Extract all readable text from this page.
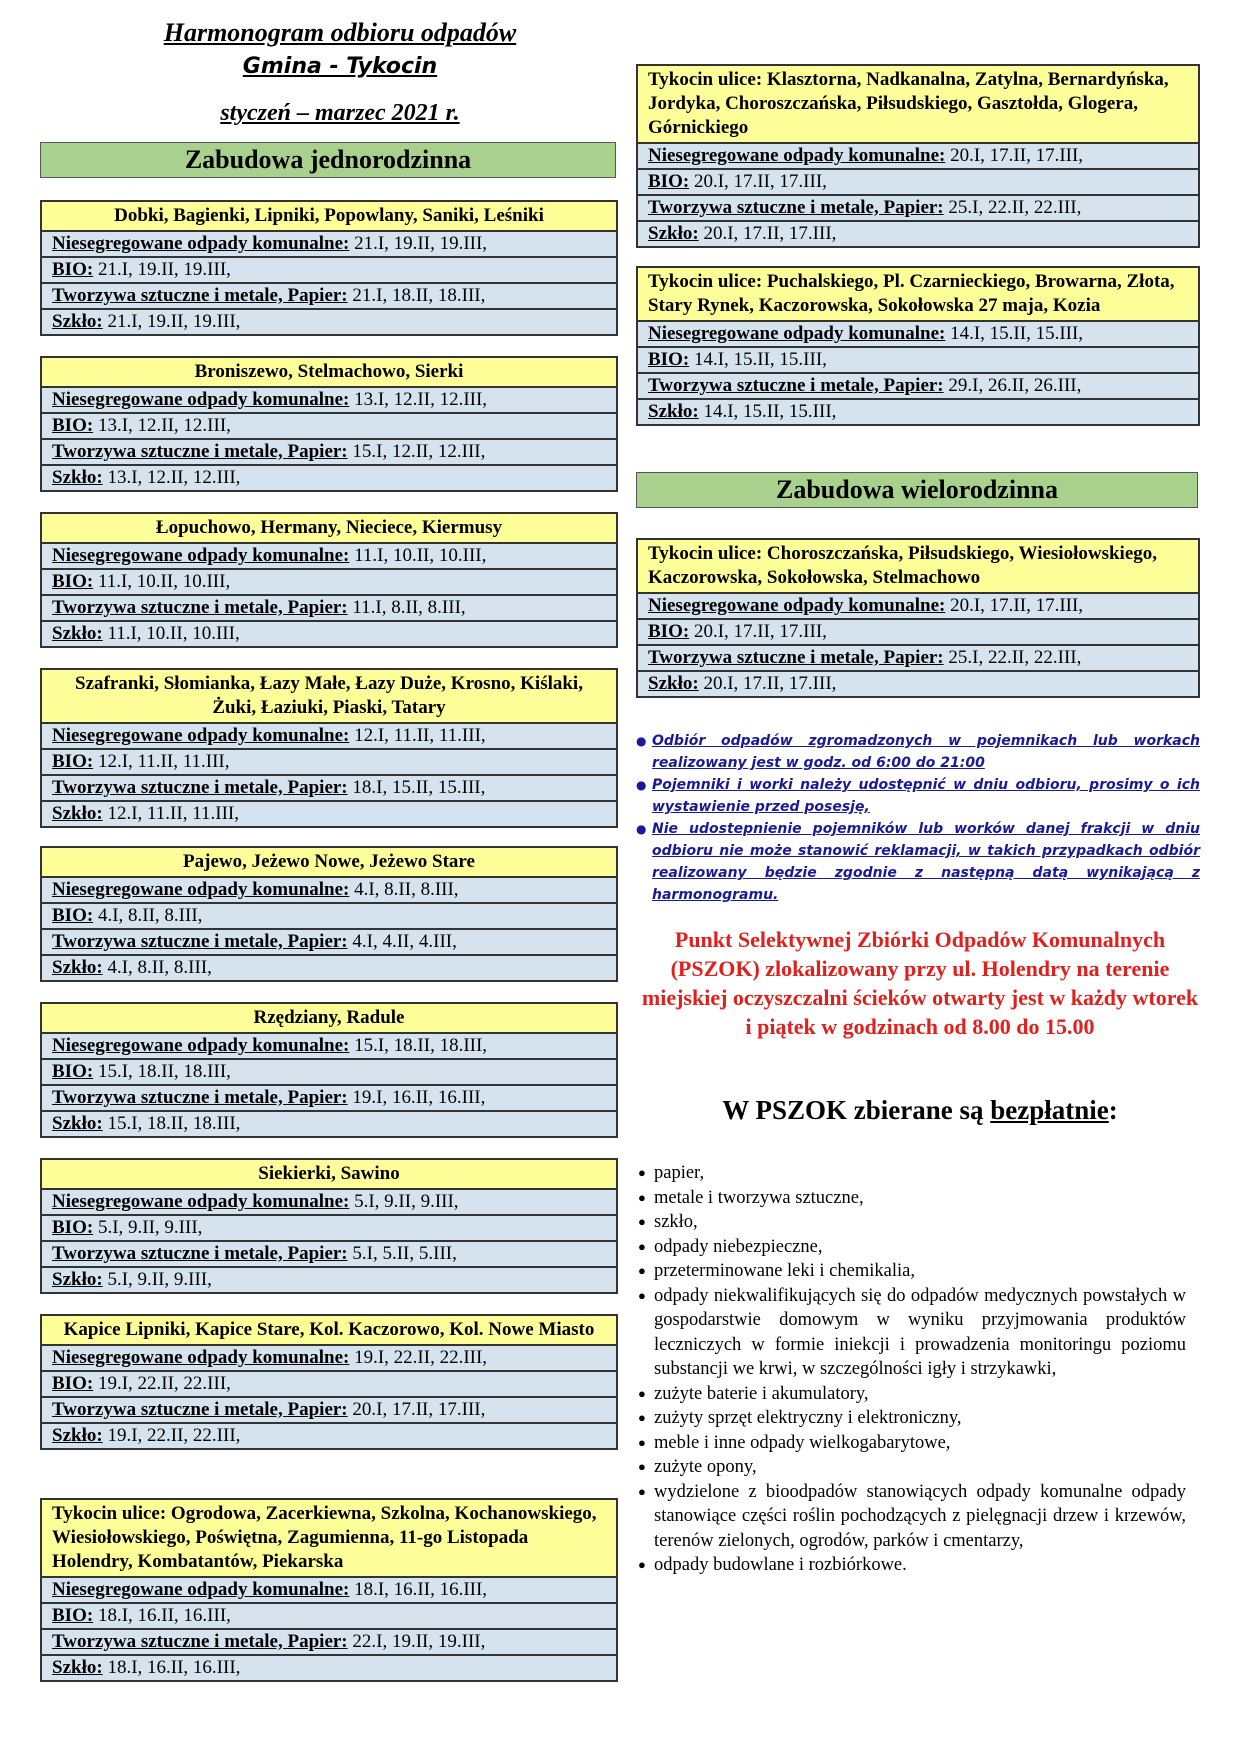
Harmonogram odbioru odpadów
Gmina - Tykocin
styczeń – marzec 2021 r.
Zabudowa jednorodzinna
Zabudowa wielorodzinna
Dobki, Bagienki, Lipniki, Popowlany, Saniki, Leśniki
Niesegregowane odpady komunalne: 21.I, 19.II, 19.III,
BIO: 21.I, 19.II, 19.III,
Tworzywa sztuczne i metale, Papier: 21.I, 18.II, 18.III,
Szkło: 21.I, 19.II, 19.III,
Broniszewo, Stelmachowo, Sierki
Niesegregowane odpady komunalne: 13.I, 12.II, 12.III,
BIO: 13.I, 12.II, 12.III,
Tworzywa sztuczne i metale, Papier: 15.I, 12.II, 12.III,
Szkło: 13.I, 12.II, 12.III,
Łopuchowo, Hermany, Nieciece, Kiermusy
Niesegregowane odpady komunalne: 11.I, 10.II, 10.III,
BIO: 11.I, 10.II, 10.III,
Tworzywa sztuczne i metale, Papier: 11.I, 8.II, 8.III,
Szkło: 11.I, 10.II, 10.III,
Szafranki, Słomianka, Łazy Małe, Łazy Duże, Krosno, Kiślaki, Żuki, Łaziuki, Piaski, Tatary
Niesegregowane odpady komunalne: 12.I, 11.II, 11.III,
BIO: 12.I, 11.II, 11.III,
Tworzywa sztuczne i metale, Papier: 18.I, 15.II, 15.III,
Szkło: 12.I, 11.II, 11.III,
Pajewo, Jeżewo Nowe, Jeżewo Stare
Niesegregowane odpady komunalne: 4.I, 8.II, 8.III,
BIO: 4.I, 8.II, 8.III,
Tworzywa sztuczne i metale, Papier: 4.I, 4.II, 4.III,
Szkło: 4.I, 8.II, 8.III,
Rzędziany, Radule
Niesegregowane odpady komunalne: 15.I, 18.II, 18.III,
BIO: 15.I, 18.II, 18.III,
Tworzywa sztuczne i metale, Papier: 19.I, 16.II, 16.III,
Szkło: 15.I, 18.II, 18.III,
Siekierki, Sawino
Niesegregowane odpady komunalne: 5.I, 9.II, 9.III,
BIO: 5.I, 9.II, 9.III,
Tworzywa sztuczne i metale, Papier: 5.I, 5.II, 5.III,
Szkło: 5.I, 9.II, 9.III,
Kapice Lipniki, Kapice Stare, Kol. Kaczorowo, Kol. Nowe Miasto
Niesegregowane odpady komunalne: 19.I, 22.II, 22.III,
BIO: 19.I, 22.II, 22.III,
Tworzywa sztuczne i metale, Papier: 20.I, 17.II, 17.III,
Szkło: 19.I, 22.II, 22.III,
Tykocin ulice: Ogrodowa, Zacerkiewna, Szkolna, Kochanowskiego, Wiesiołowskiego, Poświętna, Zagumienna, 11-go Listopada Holendry, Kombatantów, Piekarska
Niesegregowane odpady komunalne: 18.I, 16.II, 16.III,
BIO: 18.I, 16.II, 16.III,
Tworzywa sztuczne i metale, Papier: 22.I, 19.II, 19.III,
Szkło: 18.I, 16.II, 16.III,
Tykocin ulice: Klasztorna, Nadkanalna, Zatylna, Bernardyńska, Jordyka, Choroszczańska, Piłsudskiego, Gasztołda, Glogera, Górnickiego
Niesegregowane odpady komunalne: 20.I, 17.II, 17.III,
BIO: 20.I, 17.II, 17.III,
Tworzywa sztuczne i metale, Papier: 25.I, 22.II, 22.III,
Szkło: 20.I, 17.II, 17.III,
Tykocin ulice: Puchalskiego, Pl. Czarnieckiego, Browarna, Złota, Stary Rynek, Kaczorowska, Sokołowska 27 maja, Kozia
Niesegregowane odpady komunalne: 14.I, 15.II, 15.III,
BIO: 14.I, 15.II, 15.III,
Tworzywa sztuczne i metale, Papier: 29.I, 26.II, 26.III,
Szkło: 14.I, 15.II, 15.III,
Tykocin ulice: Choroszczańska, Piłsudskiego, Wiesiołowskiego, Kaczorowska, Sokołowska, Stelmachowo
Niesegregowane odpady komunalne: 20.I, 17.II, 17.III,
BIO: 20.I, 17.II, 17.III,
Tworzywa sztuczne i metale, Papier: 25.I, 22.II, 22.III,
Szkło: 20.I, 17.II, 17.III,
● Odbiór odpadów zgromadzonych w pojemnikach lub workach realizowany jest w godz. od 6:00 do 21:00
● Pojemniki i worki należy udostępnić w dniu odbioru, prosimy o ich wystawienie przed posesję,
● Nie udostepnienie pojemników lub worków danej frakcji w dniu odbioru nie może stanowić reklamacji, w takich przypadkach odbiór realizowany będzie zgodnie z następną datą wynikającą z harmonogramu.
Punkt Selektywnej Zbiórki Odpadów Komunalnych (PSZOK) zlokalizowany przy ul. Holendry na terenie miejskiej oczyszczalni ścieków otwarty jest w każdy wtorek i piątek w godzinach od 8.00 do 15.00
W PSZOK zbierane są bezpłatnie:
● papier,
● metale i tworzywa sztuczne,
● szkło,
● odpady niebezpieczne,
● przeterminowane leki i chemikalia,
● odpady niekwalifikujących się do odpadów medycznych powstałych w gospodarstwie domowym w wyniku przyjmowania produktów leczniczych w formie iniekcji i prowadzenia monitoringu poziomu substancji we krwi, w szczególności igły i strzykawki,
● zużyte baterie i akumulatory,
● zużyty sprzęt elektryczny i elektroniczny,
● meble i inne odpady wielkogabarytowe,
● zużyte opony,
● wydzielone z bioodpadów stanowiących odpady komunalne odpady stanowiące części roślin pochodzących z pielęgnacji drzew i krzewów, terenów zielonych, ogrodów, parków i cmentarzy,
● odpady budowlane i rozbiórkowe.
